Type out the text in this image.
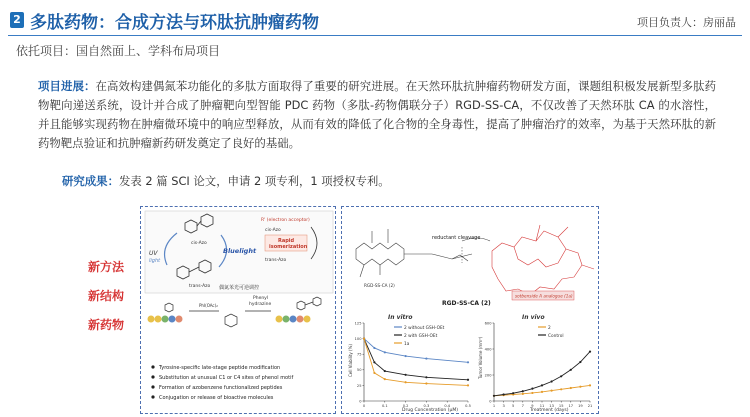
2 多肽药物：合成方法与环肽抗肿瘤药物	项目负责人：房丽晶
依托项目：国自然面上、学科布局项目
项目进展：在高效构建偶氮苯功能化的多肽方面取得了重要的研究进展。在天然环肽抗肿瘤药物研发方面，课题组积极发展新型多肽药物靶向递送系统，设计并合成了肿瘤靶向型智能 PDC 药物（多肽-药物偶联分子）RGD-SS-CA，不仅改善了天然环肽 CA 的水溶性，并且能够实现药物在肿瘤微环境中的响应型释放，从而有效的降低了化合物的全身毒性，提高了肿瘤治疗的效率，为基于天然环肽的新药物靶点验证和抗肿瘤新药研发奠定了良好的基础。
研究成果：发表 2 篇 SCI 论文，申请 2 项专利，1 项授权专利。
新方法
新结构
新药物
cis-Azo
trans-Azo
UV
light
Bluelight
R' (electron acceptor)
cis-Azo
Rapid
isomerization
trans-Azo
偶氮苯光可逆调控
Phenyl
hydrazine
PhI(OAc)₂
Tyrosine-specific late-stage peptide modification
Substitution at unusual C1 or C4 sites of phenol motif
Formation of azobenzene functionalized peptides
Conjugation or release of bioactive molecules
reductant cleavage
sotbenside A analogue (1a)
RGD-SS-CA (2)
RGD-SS-CA (2)
In vitro	In vivo
0
25
50
75
100
125
0	0.1	0.2	0.3	0.4	0.5
0
200
400
600
1 3 5 7 9 11 13 15 17 19 21
Cell Viability (%)
Drug Concentration (μM)
Tumor Volume (mm³)
Treatment (days)
2 without GSH-OEt
2 with GSH-OEt
1a
2
Control
